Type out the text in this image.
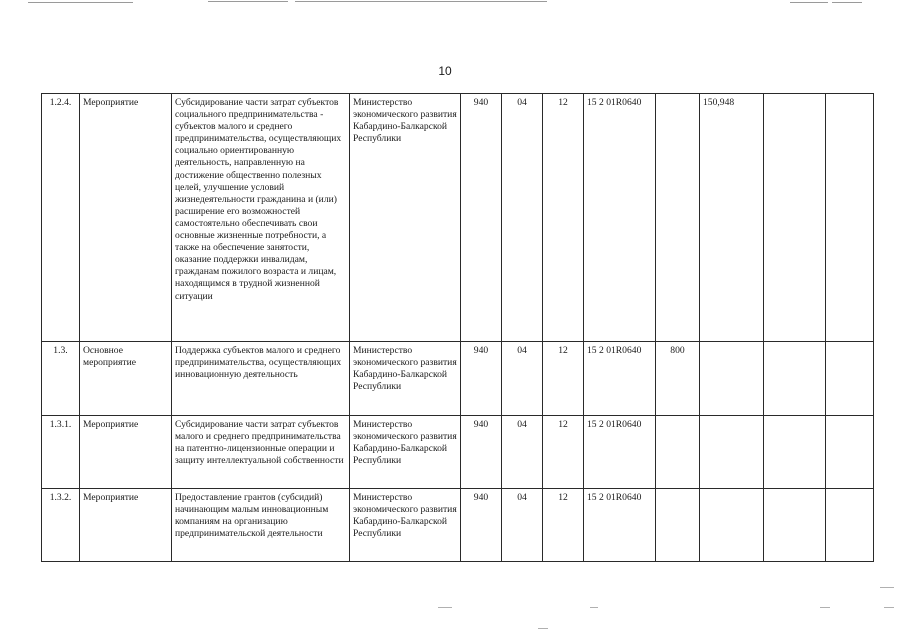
10
1.2.4.	Мероприятие	Субсидирование части затрат субъектов социального предпринимательства - субъектов малого и среднего предпринимательства, осуществляющих социально ориентированную деятельность, направленную на достижение общественно полезных целей, улучшение условий жизнедеятельности гражданина и (или) расширение его возможностей самостоятельно обеспечивать свои основные жизненные потребности, а также на обеспечение занятости, оказание поддержки инвалидам, гражданам пожилого возраста и лицам, находящимся в трудной жизненной ситуации	Министерство экономического развития Кабардино-Балкарской Республики	940	04	12	15 2 01R0640		150,948		
1.3.	Основное мероприятие	Поддержка субъектов малого и среднего предпринимательства, осуществляющих инновационную деятельность	Министерство экономического развития Кабардино-Балкарской Республики	940	04	12	15 2 01R0640	800			
1.3.1.	Мероприятие	Субсидирование части затрат субъектов малого и среднего предпринимательства на патентно-лицензионные операции и защиту интеллектуальной собственности	Министерство экономического развития Кабардино-Балкарской Республики	940	04	12	15 2 01R0640				
1.3.2.	Мероприятие	Предоставление грантов (субсидий) начинающим малым инновационным компаниям на организацию предпринимательской деятельности	Министерство экономического развития Кабардино-Балкарской Республики	940	04	12	15 2 01R0640				
